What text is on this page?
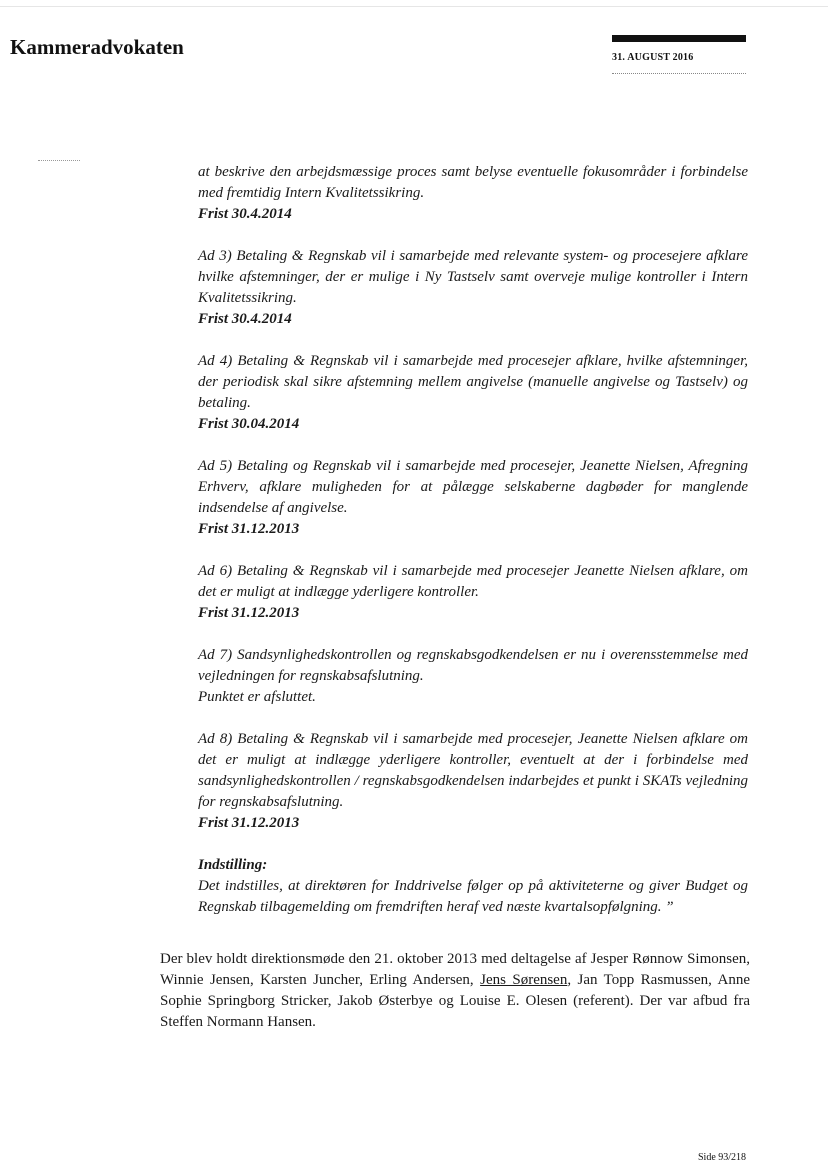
Kammeradvokaten	31. AUGUST 2016

at beskrive den arbejdsmæssige proces samt belyse eventuelle fokusområder i forbindelse med fremtidig Intern Kvalitetssikring.
Frist 30.4.2014

Ad 3) Betaling & Regnskab vil i samarbejde med relevante system- og procesejere afklare hvilke afstemninger, der er mulige i Ny Tastselv samt overveje mulige kontroller i Intern Kvalitetssikring.
Frist 30.4.2014

Ad 4) Betaling & Regnskab vil i samarbejde med procesejer afklare, hvilke afstemninger, der periodisk skal sikre afstemning mellem angivelse (manuelle angivelse og Tastselv) og betaling.
Frist 30.04.2014

Ad 5) Betaling og Regnskab vil i samarbejde med procesejer, Jeanette Nielsen, Afregning Erhverv, afklare muligheden for at pålægge selskaberne dagbøder for manglende indsendelse af angivelse.
Frist 31.12.2013

Ad 6) Betaling & Regnskab vil i samarbejde med procesejer Jeanette Nielsen afklare, om det er muligt at indlægge yderligere kontroller.
Frist 31.12.2013

Ad 7) Sandsynlighedskontrollen og regnskabsgodkendelsen er nu i overensstemmelse med vejledningen for regnskabsafslutning.
Punktet er afsluttet.

Ad 8) Betaling & Regnskab vil i samarbejde med procesejer, Jeanette Nielsen afklare om det er muligt at indlægge yderligere kontroller, eventuelt at der i forbindelse med sandsynlighedskontrollen / regnskabsgodkendelsen indarbejdes et punkt i SKATs vejledning for regnskabsafslutning.
Frist 31.12.2013

Indstilling:
Det indstilles, at direktøren for Inddrivelse følger op på aktiviteterne og giver Budget og Regnskab tilbagemelding om fremdriften heraf ved næste kvartalsopfølgning. ”

Der blev holdt direktionsmøde den 21. oktober 2013 med deltagelse af Jesper Rønnow Simonsen, Winnie Jensen, Karsten Juncher, Erling Andersen, Jens Sørensen, Jan Topp Rasmussen, Anne Sophie Springborg Stricker, Jakob Østerbye og Louise E. Olesen (referent). Der var afbud fra Steffen Normann Hansen.

Side 93/218
